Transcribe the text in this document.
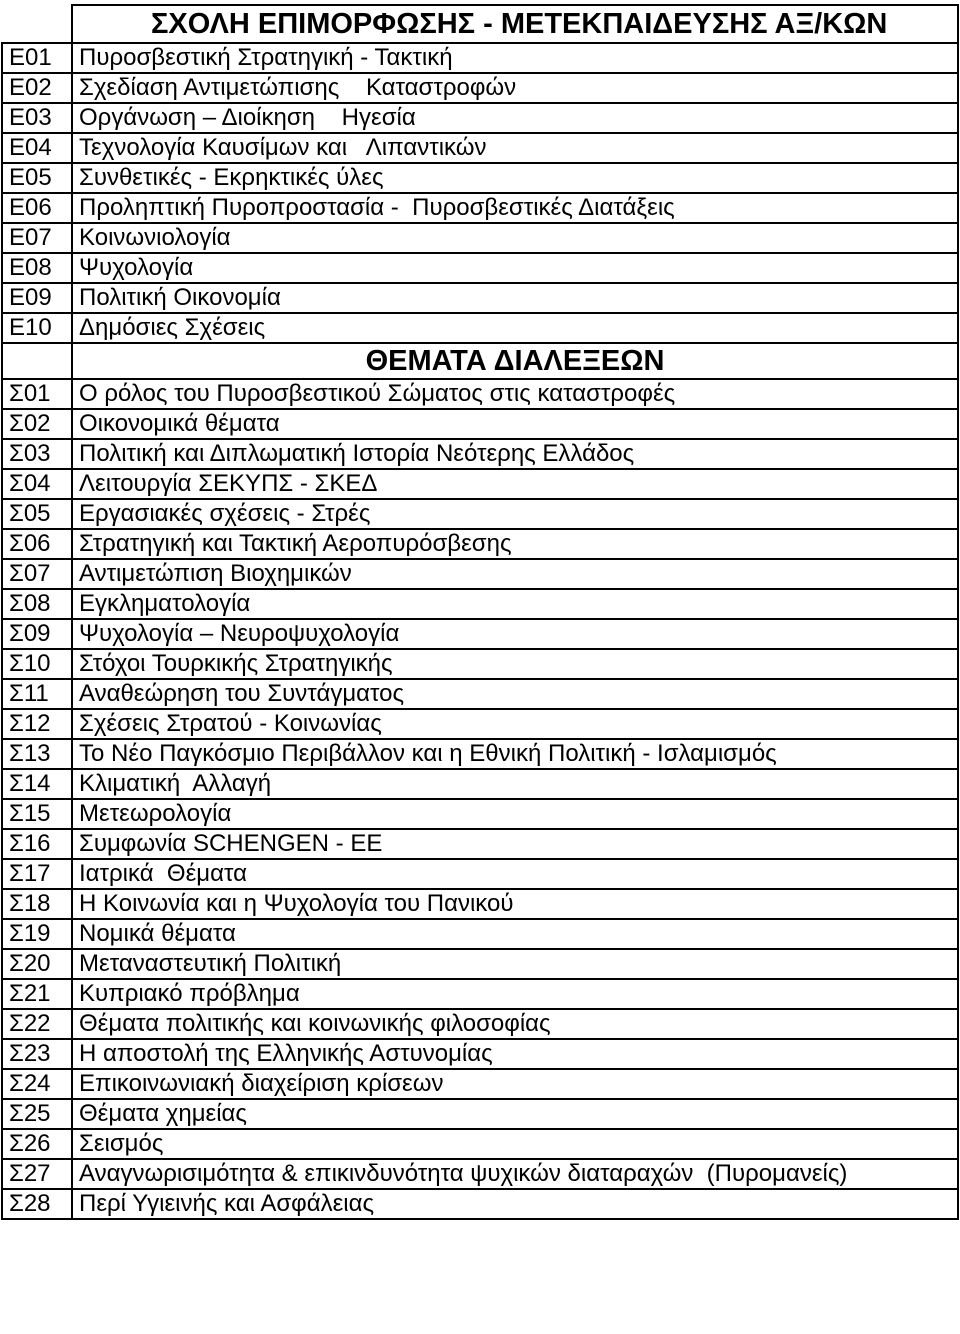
	ΣΧΟΛΗ ΕΠΙΜΟΡΦΩΣΗΣ - ΜΕΤΕΚΠΑΙΔΕΥΣΗΣ ΑΞ/ΚΩΝ
Ε01	Πυροσβεστική Στρατηγική - Τακτική
Ε02	Σχεδίαση Αντιμετώπισης    Καταστροφών
Ε03	Οργάνωση – Διοίκηση    Ηγεσία
Ε04	Τεχνολογία Καυσίμων και   Λιπαντικών
Ε05	Συνθετικές - Εκρηκτικές ύλες
Ε06	Προληπτική Πυροπροστασία -  Πυροσβεστικές Διατάξεις
Ε07	Κοινωνιολογία
Ε08	Ψυχολογία
Ε09	Πολιτική Οικονομία
Ε10	Δημόσιες Σχέσεις
	ΘΕΜΑΤΑ ΔΙΑΛΕΞΕΩΝ
Σ01	Ο ρόλος του Πυροσβεστικού Σώματος στις καταστροφές
Σ02	Οικονομικά θέματα
Σ03	Πολιτική και Διπλωματική Ιστορία Νεότερης Ελλάδος
Σ04	Λειτουργία ΣΕΚΥΠΣ - ΣΚΕΔ
Σ05	Εργασιακές σχέσεις - Στρές
Σ06	Στρατηγική και Τακτική Αεροπυρόσβεσης
Σ07	Αντιμετώπιση Βιοχημικών
Σ08	Εγκληματολογία
Σ09	Ψυχολογία – Νευροψυχολογία
Σ10	Στόχοι Τουρκικής Στρατηγικής
Σ11	Αναθεώρηση του Συντάγματος
Σ12	Σχέσεις Στρατού - Κοινωνίας
Σ13	Το Νέο Παγκόσμιο Περιβάλλον και η Εθνική Πολιτική - Ισλαμισμός
Σ14	Κλιματική  Αλλαγή
Σ15	Μετεωρολογία
Σ16	Συμφωνία SCHENGEN - ΕΕ
Σ17	Ιατρικά  Θέματα
Σ18	Η Κοινωνία και η Ψυχολογία του Πανικού
Σ19	Νομικά θέματα
Σ20	Μεταναστευτική Πολιτική
Σ21	Κυπριακό πρόβλημα
Σ22	Θέματα πολιτικής και κοινωνικής φιλοσοφίας
Σ23	Η αποστολή της Ελληνικής Αστυνομίας
Σ24	Επικοινωνιακή διαχείριση κρίσεων
Σ25	Θέματα χημείας
Σ26	Σεισμός
Σ27	Αναγνωρισιμότητα & επικινδυνότητα ψυχικών διαταραχών  (Πυρομανείς)
Σ28	Περί Υγιεινής και Ασφάλειας
